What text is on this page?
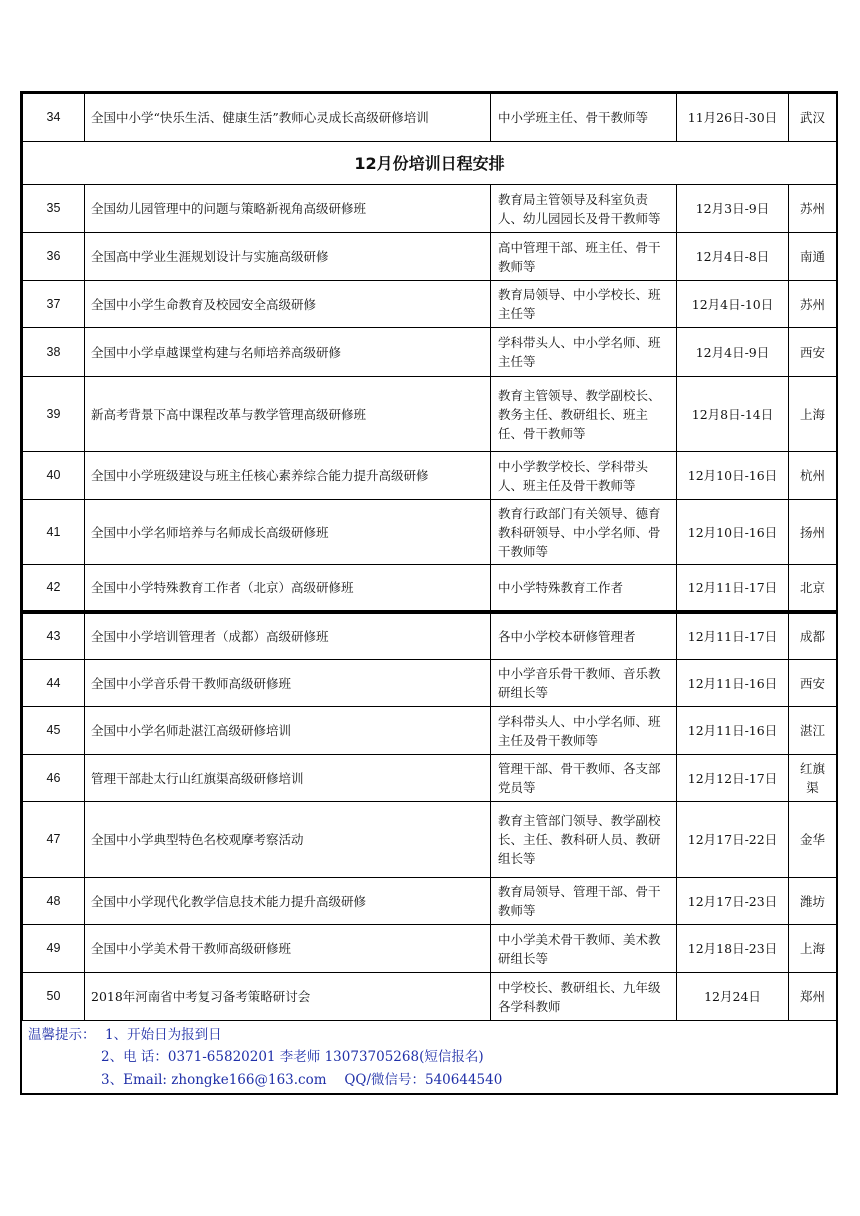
34	全国中小学“快乐生活、健康生活”教师心灵成长高级研修培训	中小学班主任、骨干教师等	11月26日-30日	武汉
12月份培训日程安排				
35	全国幼儿园管理中的问题与策略新视角高级研修班	教育局主管领导及科室负责人、幼儿园园长及骨干教师等	12月3日-9日	苏州
36	全国高中学业生涯规划设计与实施高级研修	高中管理干部、班主任、骨干教师等	12月4日-8日	南通
37	全国中小学生命教育及校园安全高级研修	教育局领导、中小学校长、班主任等	12月4日-10日	苏州
38	全国中小学卓越课堂构建与名师培养高级研修	学科带头人、中小学名师、班主任等	12月4日-9日	西安
39	新高考背景下高中课程改革与教学管理高级研修班	教育主管领导、教学副校长、教务主任、教研组长、班主任、骨干教师等	12月8日-14日	上海
40	全国中小学班级建设与班主任核心素养综合能力提升高级研修	中小学教学校长、学科带头人、班主任及骨干教师等	12月10日-16日	杭州
41	全国中小学名师培养与名师成长高级研修班	教育行政部门有关领导、德育教科研领导、中小学名师、骨干教师等	12月10日-16日	扬州
42	全国中小学特殊教育工作者（北京）高级研修班	中小学特殊教育工作者	12月11日-17日	北京
43	全国中小学培训管理者（成都）高级研修班	各中小学校本研修管理者	12月11日-17日	成都
44	全国中小学音乐骨干教师高级研修班	中小学音乐骨干教师、音乐教研组长等	12月11日-16日	西安
45	全国中小学名师赴湛江高级研修培训	学科带头人、中小学名师、班主任及骨干教师等	12月11日-16日	湛江
46	管理干部赴太行山红旗渠高级研修培训	管理干部、骨干教师、各支部党员等	12月12日-17日	红旗渠
47	全国中小学典型特色名校观摩考察活动	教育主管部门领导、教学副校长、主任、教科研人员、教研组长等	12月17日-22日	金华
48	全国中小学现代化教学信息技术能力提升高级研修	教育局领导、管理干部、骨干教师等	12月17日-23日	潍坊
49	全国中小学美术骨干教师高级研修班	中小学美术骨干教师、美术教研组长等	12月18日-23日	上海
50	2018年河南省中考复习备考策略研讨会	中学校长、教研组长、九年级各学科教师	12月24日	郑州
温馨提示： 1、开始日为报到日
2、电 话：0371-65820201 李老师 13073705268(短信报名)
3、Email: zhongke166@163.com　 QQ/微信号：540644540
